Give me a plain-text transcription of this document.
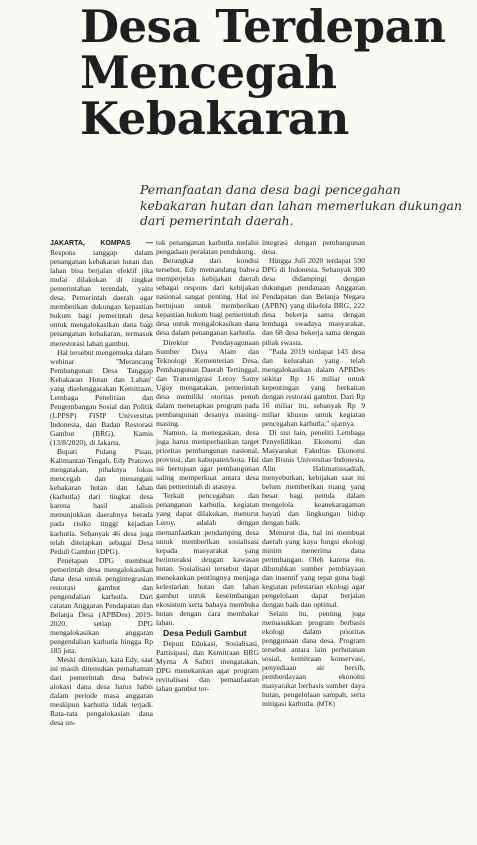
Desa Terdepan
Mencegah
Kebakaran
Pemanfaatan dana desa bagi pencegahan kebakaran hutan dan lahan memerlukan dukungan dari pemerintah daerah.

JAKARTA, KOMPAS — Respons tanggap dalam penanganan kebakaran hutan dan lahan bisa berjalan efektif jika mulai dilakukan di tingkat pemerintahan terendah, yaitu desa. Pemerintah daerah agar memberikan dukungan kepastian hukum bagi pemerintah desa untuk mengalokasikan dana bagi penanganan kebakaran, termasuk merestorasi lahan gambut.

Hal tersebut mengemuka dalam webinar "Merancang Pembangunan Desa Tanggap Kebakaran Hutan dan Lahan" yang diselenggarakan Kemitraan, Lembaga Penelitian dan Pengembangan Sosial dan Politik (LPPSP) FISIP Universitas Indonesia, dan Badan Restorasi Gambut (BRG), Kamis (13/8/2020), di Jakarta.

Bupati Pulang Pisau, Kalimantan Tengah, Edy Pratowo mengatakan, pihaknya fokus mencegah dan menangani kebakaran hutan dan lahan (karhutla) dari tingkat desa karena hasil analisis menunjukkan daerahnya berada pada risiko tinggi kejadian karhutla. Sebanyak 46 desa juga telah ditetapkan sebagai Desa Peduli Gambut (DPG).

Penetapan DPG membuat pemerintah desa mengalokasikan dana desa untuk pengintegrasian restorasi gambut dan pengendalian karhutla. Dari catatan Anggaran Pendapatan dan Belanja Desa (APBDes) 2019-2020, setiap DPG mengalokasikan anggaran pengendalian karhutla hingga Rp 185 juta.

Meski demikian, kata Edy, saat ini masih ditemukan pemahaman dari pemerintah desa bahwa alokasi dana desa harus habis dalam periode masa anggaran meskipun karhutla tidak terjadi. Rata-rata pengalokasian dana desa un-

tuk penanganan karhutla melalui pengadaan peralatan pendukung.

Berangkat dari kondisi tersebut, Edy memandang bahwa memperjelas kebijakan daerah sebagai respons dari kebijakan nasional sangat penting. Hal ini bertujuan untuk memberikan kepastian hukum bagi pemerintah desa untuk mengalokasikan dana desa dalam penanganan karhutla.

Direktur Pendayagunaan Sumber Daya Alam dan Teknologi Kementerian Desa, Pembangunan Daerah Tertinggal, dan Transmigrasi Leroy Samy Uguy mengatakan, pemerintah desa memiliki otoritas penuh dalam menetapkan program pada pembangunan desanya masing-masing.

Namun, ia menegaskan, desa juga harus memperhatikan target prioritas pembangunan nasional, provinsi, dan kabupaten/kota. Hal ini bertujuan agar pembangunan saling memperkuat antara desa dan pemerintah di atasnya.

Terkait pencegahan dan penanganan karhutla, kegiatan yang dapat dilakukan, menurut Leroy, adalah dengan memanfaatkan pendamping desa untuk memberikan sosialisasi kepada masyarakat yang berinteraksi dengan kawasan hutan. Sosialisasi tersebut dapat menekankan pentingnya menjaga kelestarian hutan dan lahan gambut untuk keseimbangan ekosistem serta bahaya membuka hutan dengan cara membakar lahan.

Desa Peduli Gambut

Deputi Edukasi, Sosialisasi, Partisipasi, dan Kemitraan BRG Myrna A Safitri mengatakan, DPG menekankan agar program revitalisasi dan pemanfaatan lahan gambut ter-

integrasi dengan pembangunan desa.

Hingga Juli 2020 terdapat 590 DPG di Indonesia. Sebanyak 300 desa didampingi dengan dukungan pendanaan Anggaran Pendapatan dan Belanja Negara (APBN) yang dikelola BRG, 222 desa bekerja sama dengan lembaga swadaya masyarakat, dan 68 desa bekerja sama dengan pihak swasta.

"Pada 2019 terdapat 143 desa dan kelurahan yang telah mengalokasikan dalam APBDes sekitar Rp 16 miliar untuk kepentingan yang berkaitan dengan restorasi gambut. Dari Rp 16 miliar itu, sebanyak Rp 9 miliar khusus untuk kegiatan pencegahan karhutla," ujarnya.

Di sisi lain, peneliti Lembaga Penyelidikan Ekonomi dan Masyarakat Fakultas Ekonomi dan Bisnis Universitas Indonesia, Alin Halimatussadiah, menyebutkan, kebijakan saat ini belum memberikan ruang yang besar bagi pemda dalam mengelola keanekaragaman hayati dan lingkungan hidup dengan baik.

Menurut dia, hal ini membuat daerah yang kaya fungsi ekologi minim menerima dana perimbangan. Oleh karena itu, dibutuhkan sumber pembiayaan dan insentif yang tepat guna bagi kegiatan pelestarian ekologi agar pengelolaan dapat berjalan dengan baik dan optimal.

Selain itu, penting juga memasukkan program berbasis ekologi dalam prioritas penggunaan dana desa. Program tersebut antara lain perhutanan sosial, kemitraan konservasi, penyediaan air bersih, pemberdayaan ekonomi masyarakat berbasis sumber daya hutan, pengelolaan sampah, serta mitigasi karhutla. (MTK)
